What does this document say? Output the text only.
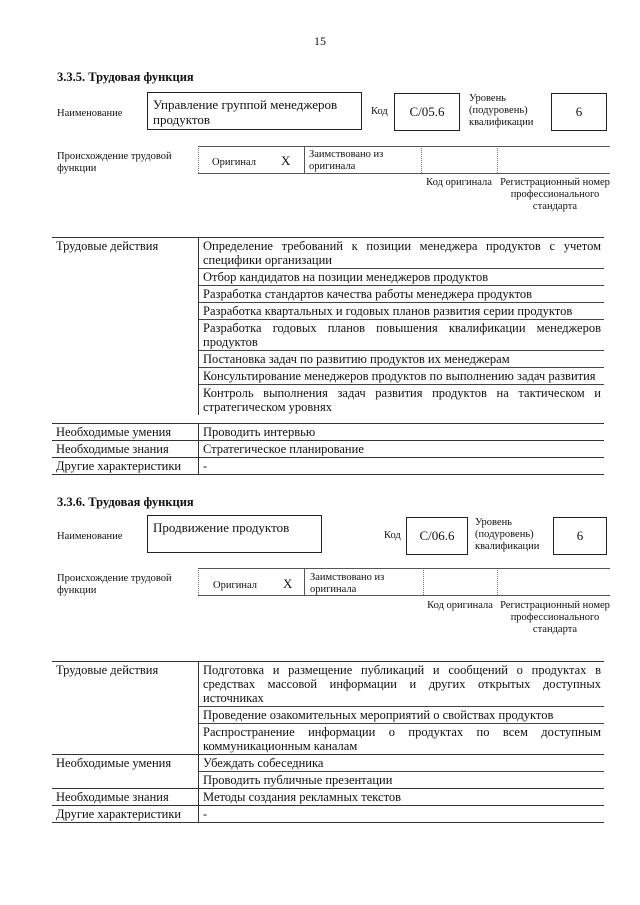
15
3.3.5. Трудовая функция
Наименование
Управление группой менеджеров продуктов
Код	С/05.6
Уровень (подуровень) квалификации
6
Происхождение трудовой функции
Оригинал X Заимствовано из оригинала
Код оригинала Регистрационный номер профессионального стандарта
Трудовые действия	Определение требований к позиции менеджера продуктов с учетом специфики организации
Отбор кандидатов на позиции менеджеров продуктов
Разработка стандартов качества работы менеджера продуктов
Разработка квартальных и годовых планов развития серии продуктов
Разработка годовых планов повышения квалификации менеджеров продуктов
Постановка задач по развитию продуктов их менеджерам
Консультирование менеджеров продуктов по выполнению задач развития
Контроль выполнения задач развития продуктов на тактическом и стратегическом уровнях
Необходимые умения	Проводить интервью
Необходимые знания	Стратегическое планирование
Другие характеристики	-
3.3.6. Трудовая функция
Наименование
Продвижение продуктов
Код	С/06.6
Уровень (подуровень) квалификации
6
Происхождение трудовой функции	Оригинал X Заимствовано из оригинала
Код оригинала Регистрационный номер профессионального стандарта
Трудовые действия	Подготовка и размещение публикаций и сообщений о продуктах в средствах массовой информации и других открытых доступных источниках
	Проведение озакомительных мероприятий о свойствах продуктов
	Распространение информации о продуктах по всем доступным коммуникационным каналам
Необходимые умения	Убеждать собеседника
	Проводить публичные презентации
Необходимые знания	Методы создания рекламных текстов
Другие характеристики	-
